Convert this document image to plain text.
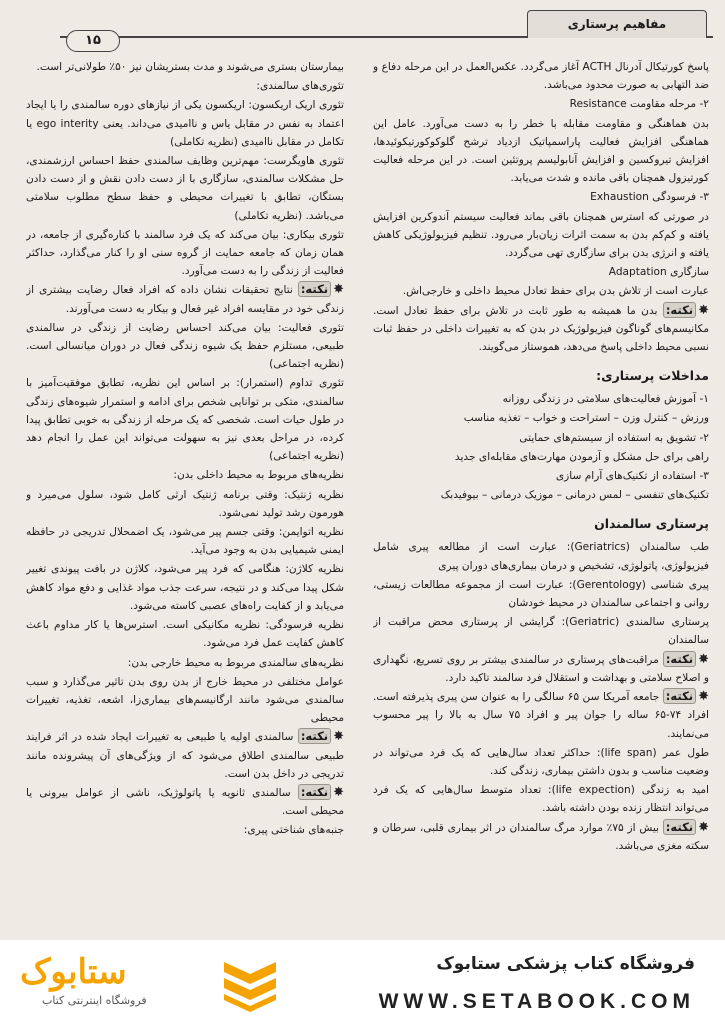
مفاهیم پرستاری
۱۵

پاسخ کورتیکال آدرنال ACTH آغاز می‌گردد. عکس‌العمل در این مرحله دفاع و ضد التهابی به صورت محدود می‌باشد.

۲- مرحله مقاومت Resistance

بدن هماهنگی و مقاومت مقابله با خطر را به دست می‌آورد. عامل این هماهنگی افزایش فعالیت پاراسمپاتیک ازدیاد ترشح گلوکوکورتیکوئیدها، افزایش تیروکسین و افزایش آنابولیسم پروتئین است. در این مرحله فعالیت کورتیزول همچنان باقی مانده و شدت می‌یابد.

۳- فرسودگی Exhaustion

در صورتی که استرس همچنان باقی بماند فعالیت سیستم آندوکرین افزایش یافته و کم‌کم بدن به سمت اثرات زیان‌بار می‌رود. تنظیم فیزیولوژیکی کاهش یافته و انرژی بدن برای سازگاری تهی می‌گردد.

سازگاری Adaptation

عبارت است از تلاش بدن برای حفظ تعادل محیط داخلی و خارجی‌اش.

✸نکته: بدن ما همیشه به طور ثابت در تلاش برای حفظ تعادل است. مکانیسم‌های گوناگون فیزیولوژیک در بدن که به تغییرات داخلی در حفظ ثبات نسبی محیط داخلی پاسخ می‌دهد، هموستاز می‌گویند.

مداخلات پرستاری:

۱- آموزش فعالیت‌های سلامتی در زندگی روزانه

ورزش – کنترل وزن – استراحت و خواب – تغذیه مناسب

۲- تشویق به استفاده از سیستم‌های حمایتی

راهی برای حل مشکل و آزمودن مهارت‌های مقابله‌ای جدید

۳- استفاده از تکنیک‌های آرام سازی

تکنیک‌های تنفسی – لمس درمانی – موزیک درمانی – بیوفیدبک

پرستاری سالمندان

طب سالمندان (Geriatrics): عبارت است از مطالعه پیری شامل فیزیولوژی، پاتولوژی، تشخیص و درمان بیماری‌های دوران پیری

پیری شناسی (Gerentology): عبارت است از مجموعه مطالعات زیستی، روانی و اجتماعی سالمندان در محیط خودشان

پرستاری سالمندی (Geriatric): گرایشی از پرستاری محض مراقبت از سالمندان

✸نکته: مراقبت‌های پرستاری در سالمندی بیشتر بر روی تسریع، نگهداری و اصلاح سلامتی و بهداشت و استقلال فرد سالمند تاکید دارد.

✸نکته: جامعه آمریکا سن ۶۵ سالگی را به عنوان سن پیری پذیرفته است. افراد ۷۴-۶۵ ساله را جوان پیر و افراد ۷۵ سال به بالا را پیر محسوب می‌نمایند.

طول عمر (life span): حداکثر تعداد سال‌هایی که یک فرد می‌تواند در وضعیت مناسب و بدون داشتن بیماری، زندگی کند.

امید به زندگی (life expection): تعداد متوسط سال‌هایی که یک فرد می‌تواند انتظار زنده بودن داشته باشد.

✸نکته: بیش از ۷۵٪ موارد مرگ سالمندان در اثر بیماری قلبی، سرطان و سکته مغزی می‌باشد.

بیمارستان بستری می‌شوند و مدت بستریشان نیز ۵۰٪ طولانی‌تر است.

تئوری‌های سالمندی:

تئوری اریک اریکسون: اریکسون یکی از نیازهای دوره سالمندی را یا ایجاد اعتماد به نفس در مقابل یاس و ناامیدی می‌داند. یعنی ego interity یا تکامل در مقابل ناامیدی (نظریه تکاملی)

تئوری هاویگرست: مهم‌ترین وظایف سالمندی حفظ احساس ارزشمندی، حل مشکلات سالمندی، سازگاری با از دست دادن نقش و از دست دادن بستگان، تطابق با تغییرات محیطی و حفظ سطح مطلوب سلامتی می‌باشد. (نظریه تکاملی)

تئوری بیکاری: بیان می‌کند که یک فرد سالمند با کناره‌گیری از جامعه، در همان زمان که جامعه حمایت از گروه سنی او را کنار می‌گذارد، حداکثر فعالیت از زندگی را به دست می‌آورد.

✸نکته: نتایج تحقیقات نشان داده که افراد فعال رضایت بیشتری از زندگی خود در مقایسه افراد غیر فعال و بیکار به دست می‌آورند.

تئوری فعالیت: بیان می‌کند احساس رضایت از زندگی در سالمندی طبیعی، مستلزم حفظ یک شیوه زندگی فعال در دوران میانسالی است. (نظریه اجتماعی)

تئوری تداوم (استمرار): بر اساس این نظریه، تطابق موفقیت‌آمیز با سالمندی، متکی بر توانایی شخص برای ادامه و استمرار شیوه‌های زندگی در طول حیات است. شخصی که یک مرحله از زندگی به خوبی تطابق پیدا کرده، در مراحل بعدی نیز به سهولت می‌تواند این عمل را انجام دهد (نظریه اجتماعی)

نظریه‌های مربوط به محیط داخلی بدن:

نظریه ژنتیک: وقتی برنامه ژنتیک ارثی کامل شود، سلول می‌میرد و هورمون رشد تولید نمی‌شود.

نظریه اتوایمن: وقتی جسم پیر می‌شود، یک اضمحلال تدریجی در حافظه ایمنی شیمیایی بدن به وجود می‌آید.

نظریه کلاژن: هنگامی که فرد پیر می‌شود، کلاژن در بافت پیوندی تغییر شکل پیدا می‌کند و در نتیجه، سرعت جذب مواد غذایی و دفع مواد کاهش می‌یابد و از کفایت راه‌های عصبی کاسته می‌شود.

نظریه فرسودگی: نظریه مکانیکی است. استرس‌ها یا کار مداوم باعث کاهش کفایت عمل فرد می‌شود.

نظریه‌های سالمندی مربوط به محیط خارجی بدن:

عوامل مختلفی در محیط خارج از بدن روی بدن تاثیر می‌گذارد و سبب سالمندی می‌شود مانند ارگانیسم‌های بیماری‌زا، اشعه، تغذیه، تغییرات محیطی

✸نکته: سالمندی اولیه یا طبیعی به تغییرات ایجاد شده در اثر فرایند طبیعی سالمندی اطلاق می‌شود که از ویژگی‌های آن پیشرونده مانند تدریجی در داخل بدن است.

✸نکته: سالمندی ثانویه یا پاتولوژیک، ناشی از عوامل بیرونی یا محیطی است.

جنبه‌های شناختی پیری:

ستابوک
فروشگاه اینترنتی کتاب
فروشگاه کتاب پزشکی ستابوک
WWW.SETABOOK.COM
